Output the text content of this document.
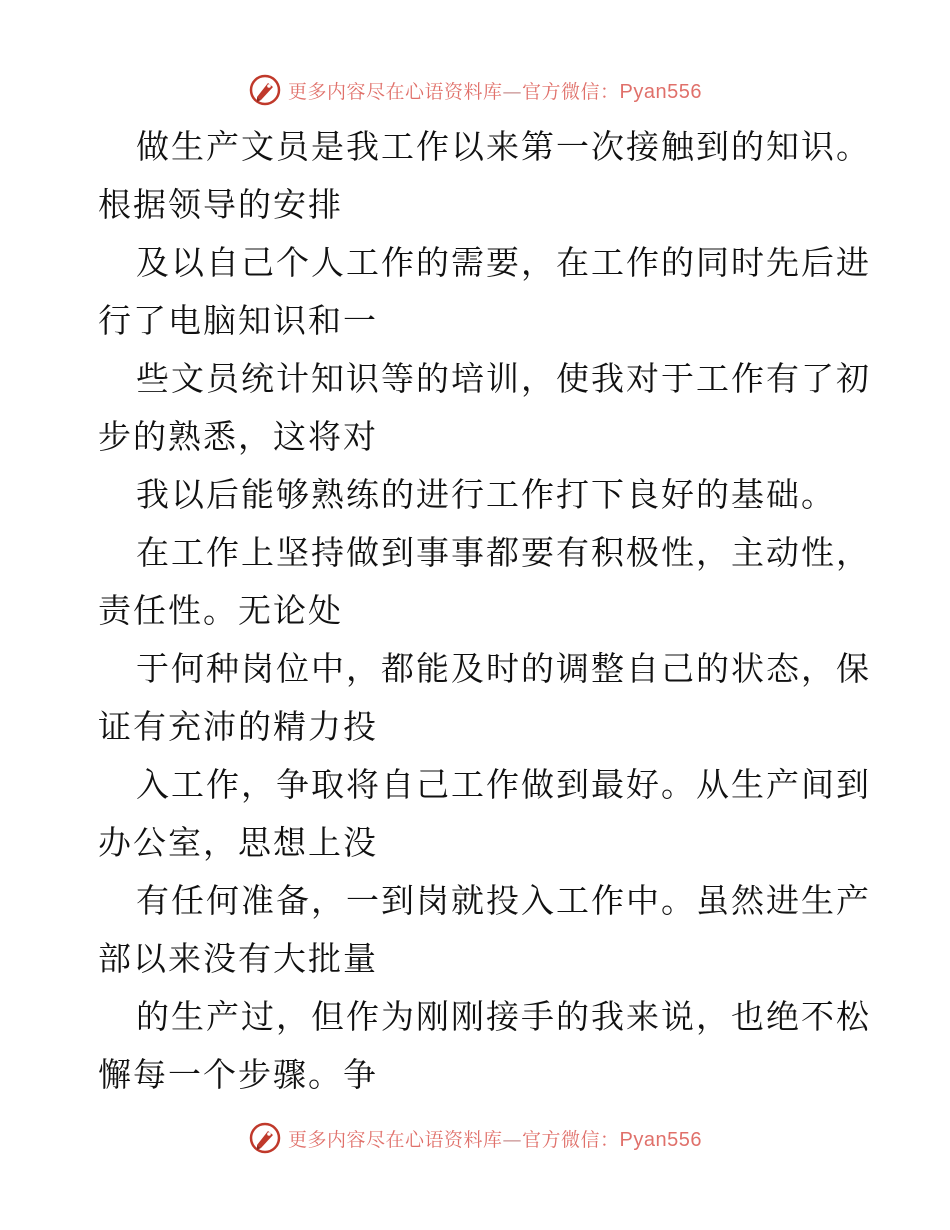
更多内容尽在心语资料库—官方微信：Pyan556

做生产文员是我工作以来第一次接触到的知识。
根据领导的安排

及以自己个人工作的需要，在工作的同时先后进
行了电脑知识和一

些文员统计知识等的培训，使我对于工作有了初
步的熟悉，这将对

我以后能够熟练的进行工作打下良好的基础。

在工作上坚持做到事事都要有积极性，主动性，
责任性。无论处

于何种岗位中，都能及时的调整自己的状态，保
证有充沛的精力投

入工作，争取将自己工作做到最好。从生产间到
办公室，思想上没

有任何准备，一到岗就投入工作中。虽然进生产
部以来没有大批量

的生产过，但作为刚刚接手的我来说，也绝不松
懈每一个步骤。争

更多内容尽在心语资料库—官方微信：Pyan556
